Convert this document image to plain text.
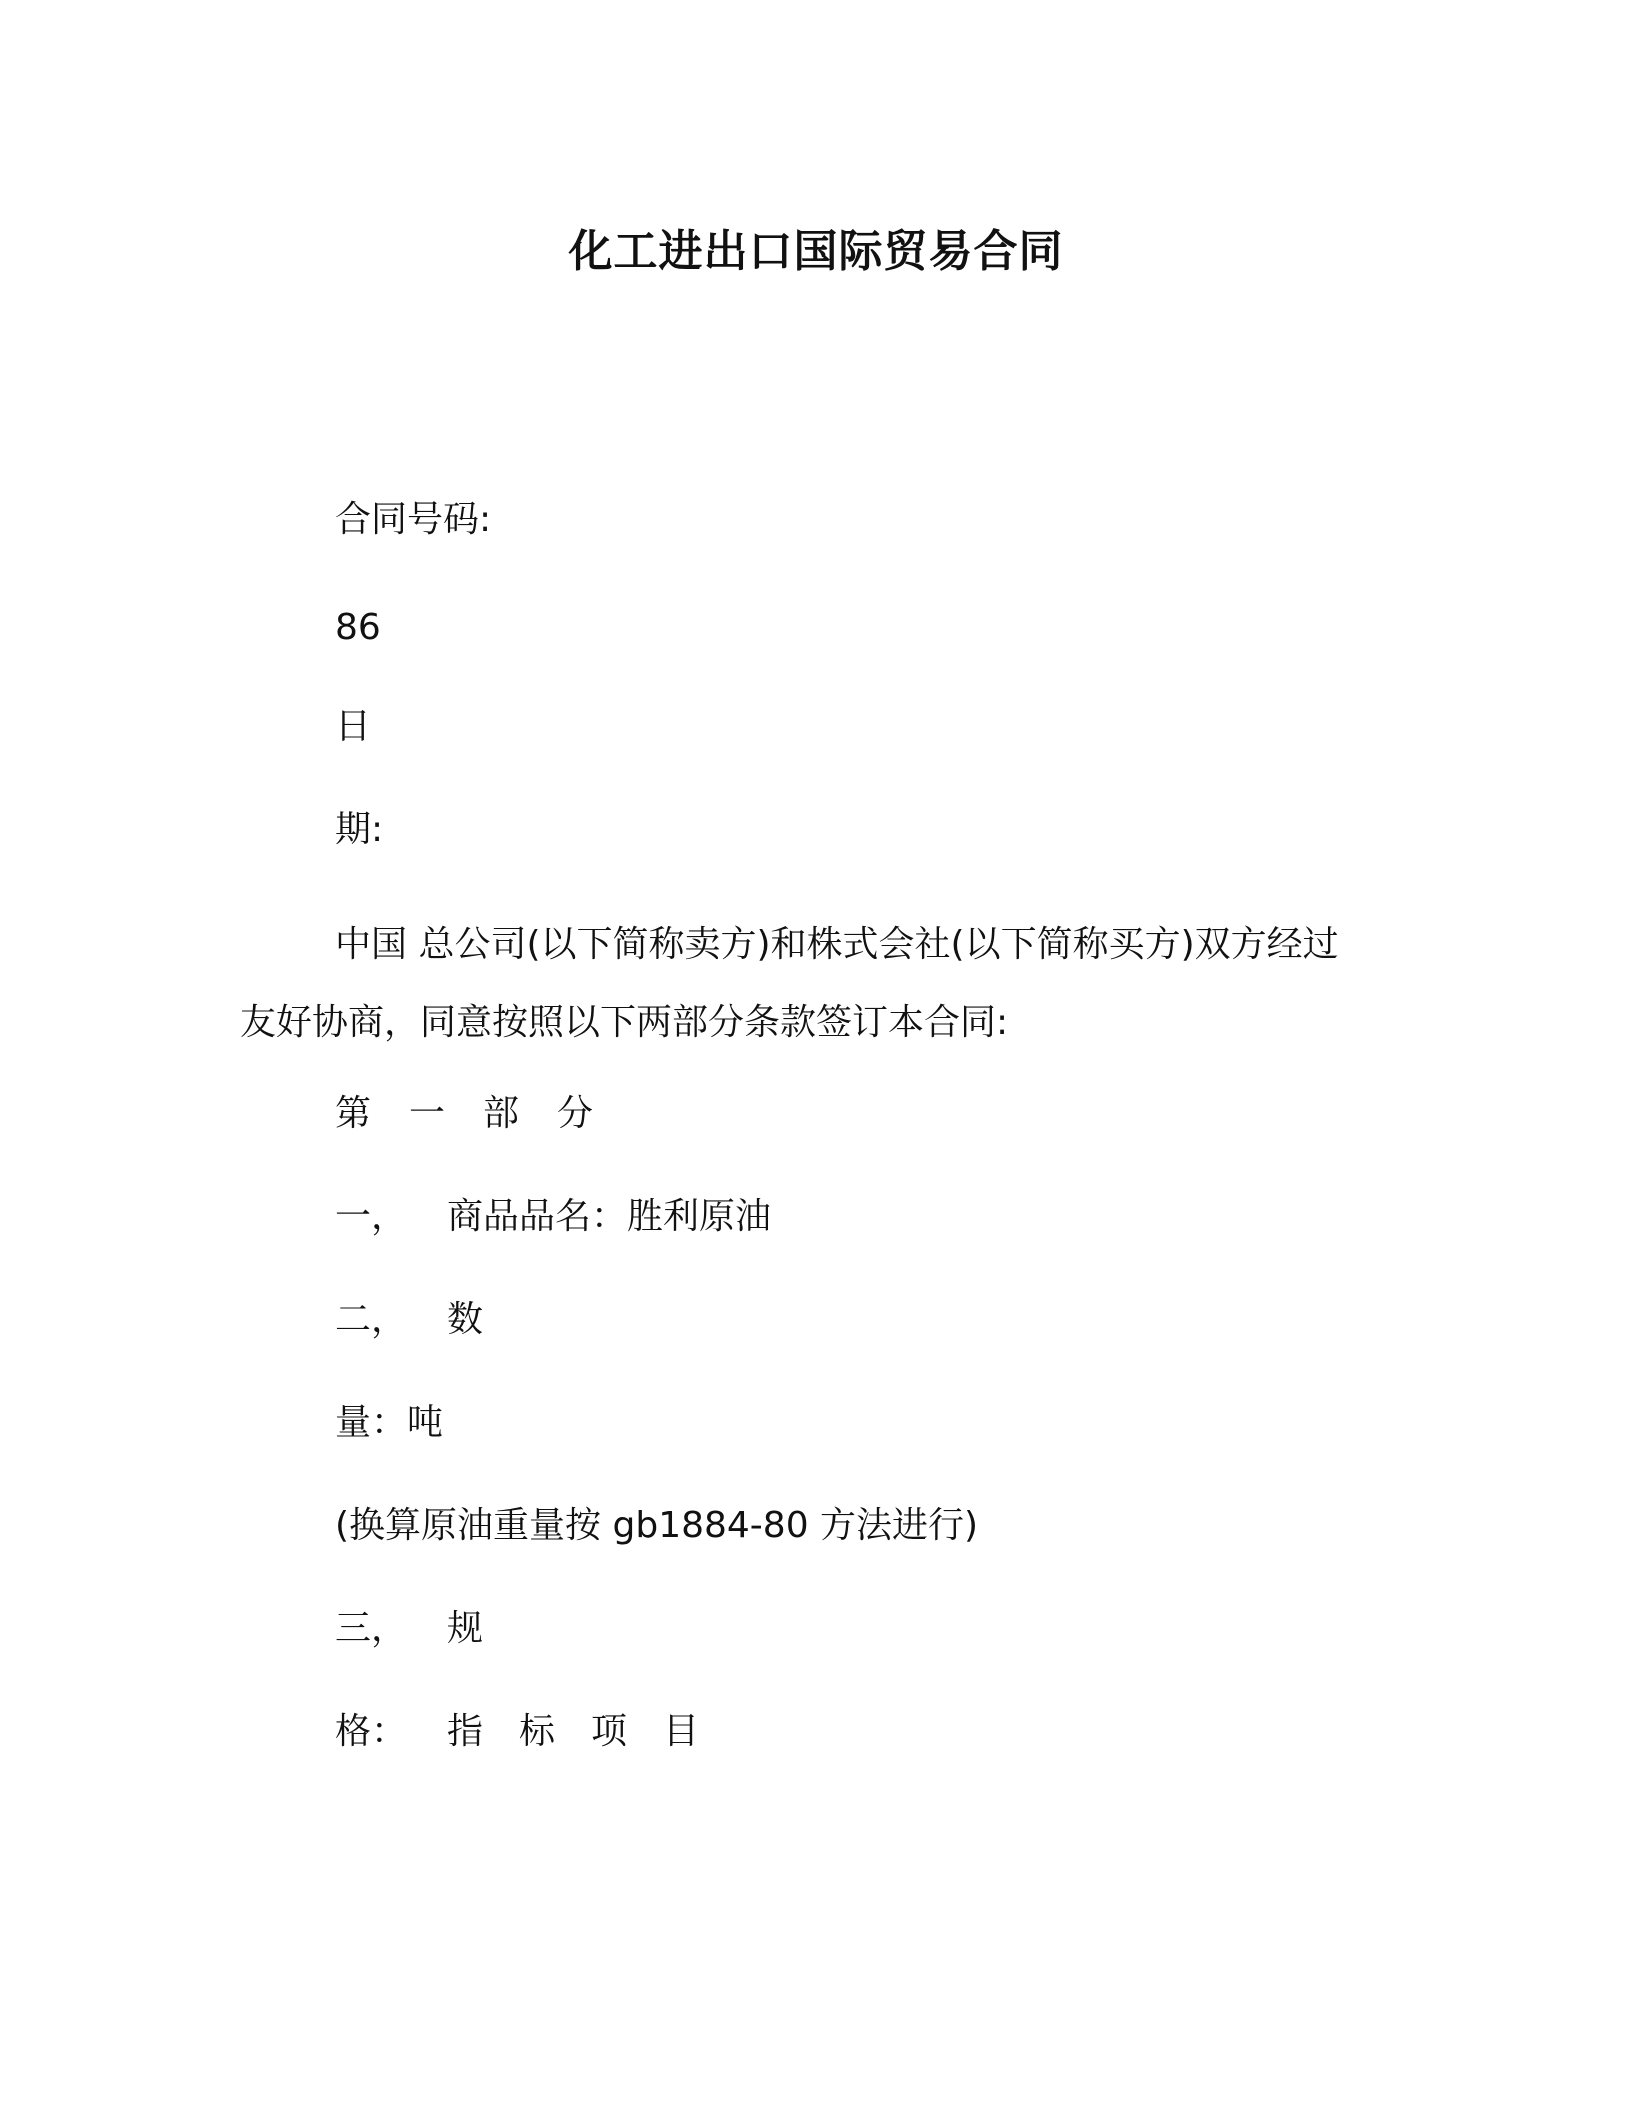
化工进出口国际贸易合同
合同号码:
86
日
期:
中国 总公司(以下简称卖方)和株式会社(以下简称买方)双方经过
友好协商，同意按照以下两部分条款签订本合同:
第 一 部 分
一， 商品品名：胜利原油
二， 数
量：吨
(换算原油重量按 gb1884-80 方法进行)
三， 规
格： 指 标 项 目
